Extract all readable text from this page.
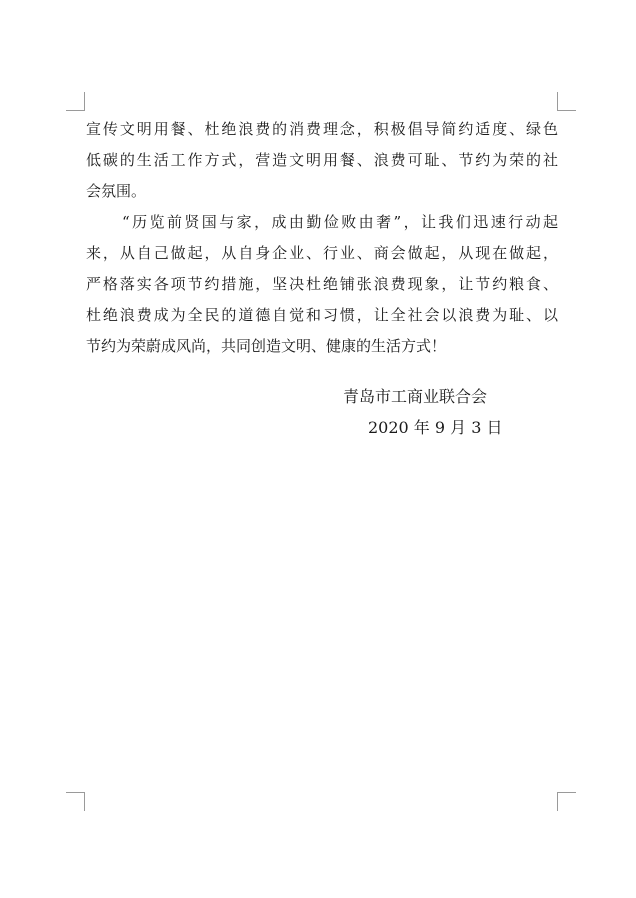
宣传文明用餐、杜绝浪费的消费理念，积极倡导简约适度、绿色
低碳的生活工作方式，营造文明用餐、浪费可耻、节约为荣的社
会氛围。
“历览前贤国与家，成由勤俭败由奢”，让我们迅速行动起
来，从自己做起，从自身企业、行业、商会做起，从现在做起，
严格落实各项节约措施，坚决杜绝铺张浪费现象，让节约粮食、
杜绝浪费成为全民的道德自觉和习惯，让全社会以浪费为耻、以
节约为荣蔚成风尚，共同创造文明、健康的生活方式！
青岛市工商业联合会
2020 年 9 月 3 日
